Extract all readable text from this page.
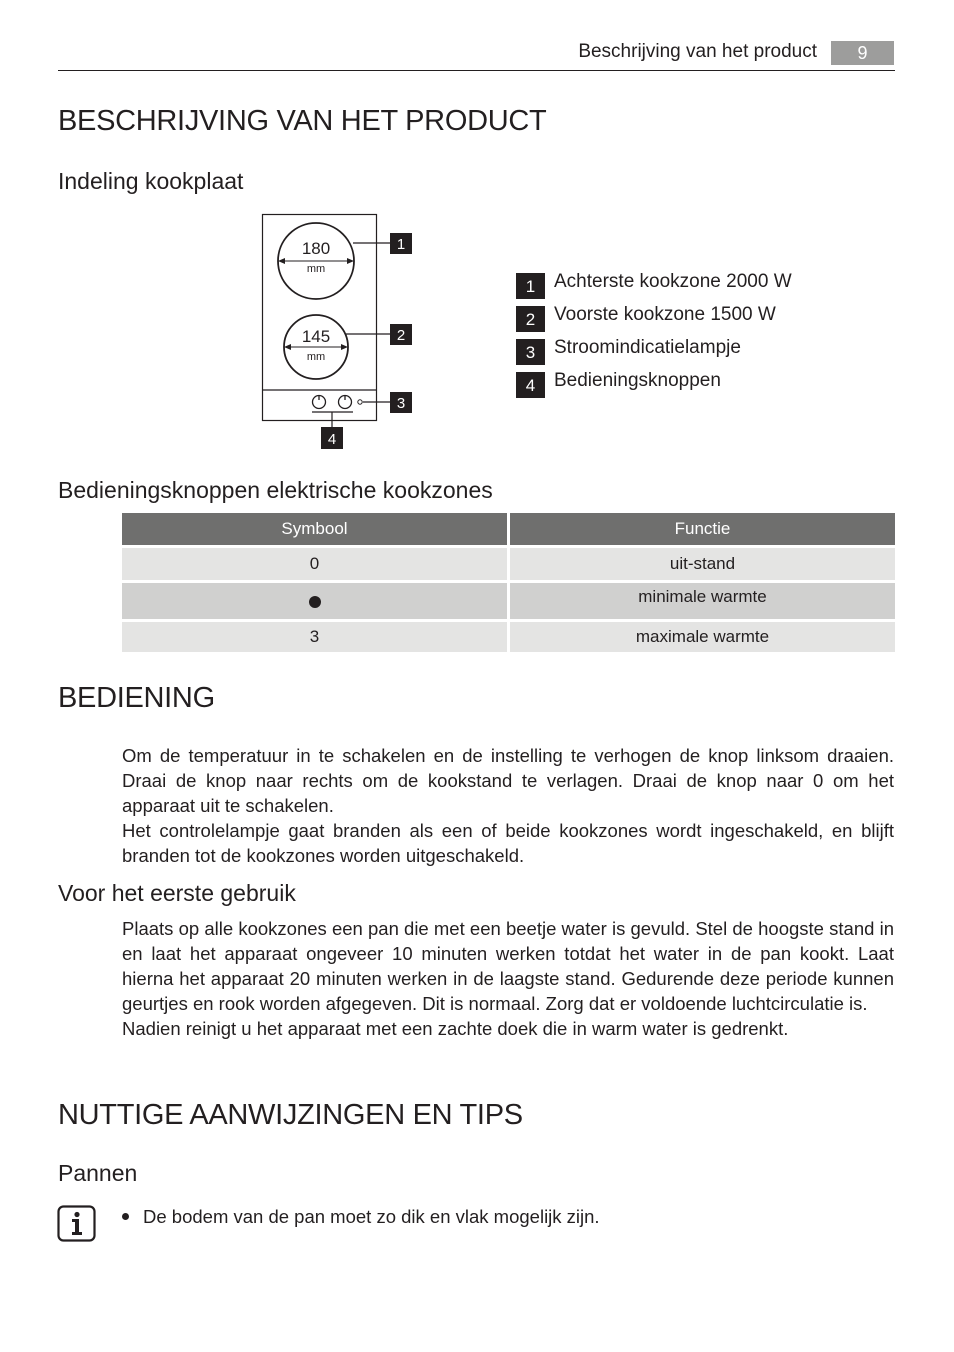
Beschrijving van het product	9
BESCHRIJVING VAN HET PRODUCT
Indeling kookplaat
180
mm
145
mm
1
2
3
4
1 Achterste kookzone 2000 W
2 Voorste kookzone 1500 W
3 Stroomindicatielampje
4 Bedieningsknoppen
Bedieningsknoppen elektrische kookzones
Symbool	Functie
0	uit-stand
	minimale warmte
3	maximale warmte
BEDIENING

Om de temperatuur in te schakelen en de instelling te verhogen de knop linksom draaien. Draai de knop naar rechts om de kookstand te verlagen. Draai de knop naar 0 om het apparaat uit te schakelen.

Het controlelampje gaat branden als een of beide kookzones wordt ingeschakeld, en blijft branden tot de kookzones worden uitgeschakeld.

Voor het eerste gebruik

Plaats op alle kookzones een pan die met een beetje water is gevuld. Stel de hoogste stand in en laat het apparaat ongeveer 10 minuten werken totdat het water in de pan kookt. Laat hierna het apparaat 20 minuten werken in de laagste stand. Gedurende deze periode kunnen geurtjes en rook worden afgegeven. Dit is normaal. Zorg dat er voldoende luchtcirculatie is.

Nadien reinigt u het apparaat met een zachte doek die in warm water is gedrenkt.

NUTTIGE AANWIJZINGEN EN TIPS
Pannen
De bodem van de pan moet zo dik en vlak mogelijk zijn.
